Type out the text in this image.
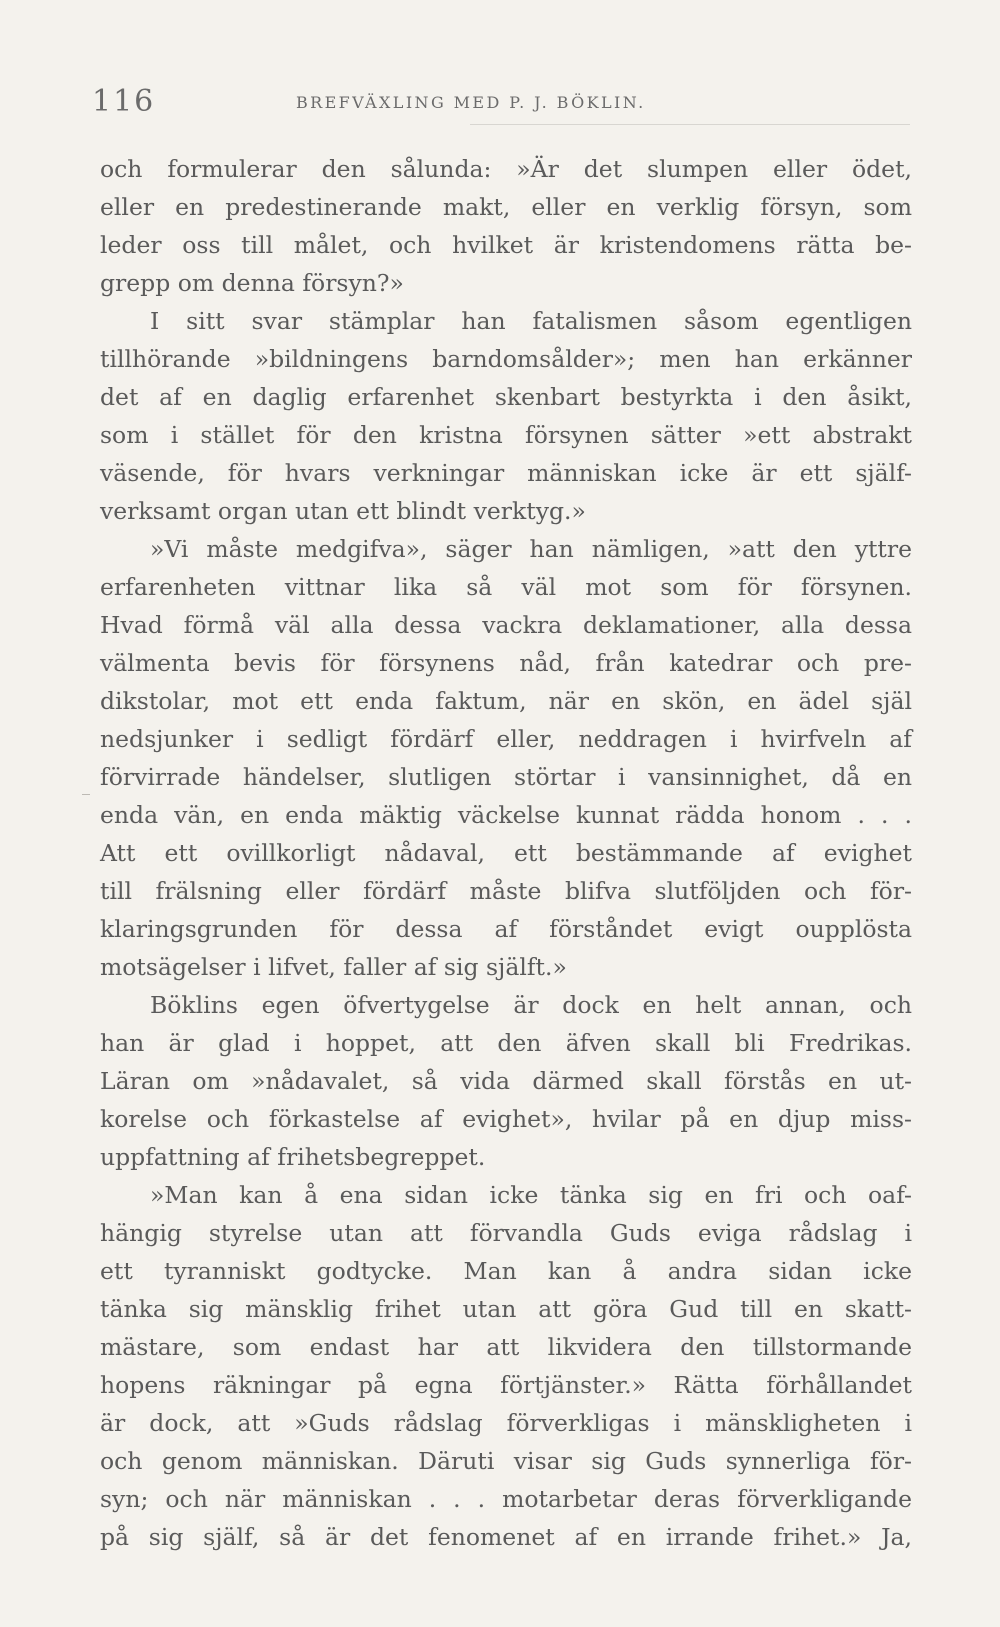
116	BREFVÄXLING MED P. J. BÖKLIN.
och formulerar den sålunda: »Är det slumpen eller ödet,
eller en predestinerande makt, eller en verklig försyn, som
leder oss till målet, och hvilket är kristendomens rätta be-
grepp om denna försyn?»
I sitt svar stämplar han fatalismen såsom egentligen
tillhörande »bildningens barndomsålder»; men han erkänner
det af en daglig erfarenhet skenbart bestyrkta i den åsikt,
som i stället för den kristna försynen sätter »ett abstrakt
väsende, för hvars verkningar människan icke är ett själf-
verksamt organ utan ett blindt verktyg.»
»Vi måste medgifva», säger han nämligen, »att den yttre
erfarenheten vittnar lika så väl mot som för försynen.
Hvad förmå väl alla dessa vackra deklamationer, alla dessa
välmenta bevis för försynens nåd, från katedrar och pre-
dikstolar, mot ett enda faktum, när en skön, en ädel själ
nedsjunker i sedligt fördärf eller, neddragen i hvirfveln af
förvirrade händelser, slutligen störtar i vansinnighet, då en
enda vän, en enda mäktig väckelse kunnat rädda honom . . .
Att ett ovillkorligt nådaval, ett bestämmande af evighet
till frälsning eller fördärf måste blifva slutföljden och för-
klaringsgrunden för dessa af förståndet evigt oupplösta
motsägelser i lifvet, faller af sig själft.»
Böklins egen öfvertygelse är dock en helt annan, och
han är glad i hoppet, att den äfven skall bli Fredrikas.
Läran om »nådavalet, så vida därmed skall förstås en ut-
korelse och förkastelse af evighet», hvilar på en djup miss-
uppfattning af frihetsbegreppet.
»Man kan å ena sidan icke tänka sig en fri och oaf-
hängig styrelse utan att förvandla Guds eviga rådslag i
ett tyranniskt godtycke. Man kan å andra sidan icke
tänka sig mänsklig frihet utan att göra Gud till en skatt-
mästare, som endast har att likvidera den tillstormande
hopens räkningar på egna förtjänster.» Rätta förhållandet
är dock, att »Guds rådslag förverkligas i mänskligheten i
och genom människan. Däruti visar sig Guds synnerliga för-
syn; och när människan . . . motarbetar deras förverkligande
på sig själf, så är det fenomenet af en irrande frihet.» Ja,
